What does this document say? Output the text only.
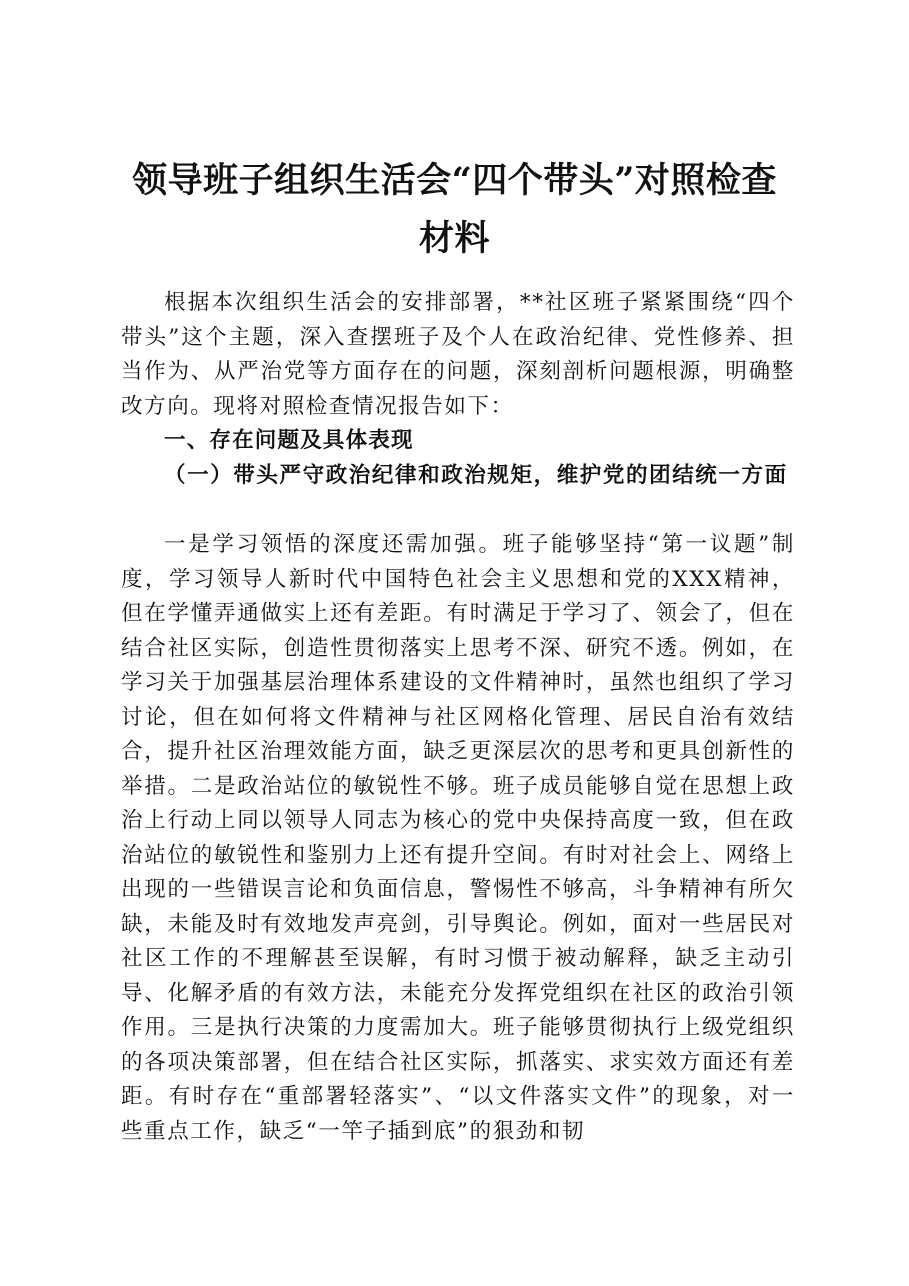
领导班子组织生活会“四个带头”对照检查材料

根据本次组织生活会的安排部署，**社区班子紧紧围绕“四个带头”这个主题，深入查摆班子及个人在政治纪律、党性修养、担当作为、从严治党等方面存在的问题，深刻剖析问题根源，明确整改方向。现将对照检查情况报告如下：

一、存在问题及具体表现

（一）带头严守政治纪律和政治规矩，维护党的团结统一方面

一是学习领悟的深度还需加强。班子能够坚持“第一议题”制度，学习领导人新时代中国特色社会主义思想和党的XXX精神，但在学懂弄通做实上还有差距。有时满足于学习了、领会了，但在结合社区实际，创造性贯彻落实上思考不深、研究不透。例如，在学习关于加强基层治理体系建设的文件精神时，虽然也组织了学习讨论，但在如何将文件精神与社区网格化管理、居民自治有效结合，提升社区治理效能方面，缺乏更深层次的思考和更具创新性的举措。二是政治站位的敏锐性不够。班子成员能够自觉在思想上政治上行动上同以领导人同志为核心的党中央保持高度一致，但在政治站位的敏锐性和鉴别力上还有提升空间。有时对社会上、网络上出现的一些错误言论和负面信息，警惕性不够高，斗争精神有所欠缺，未能及时有效地发声亮剑，引导舆论。例如，面对一些居民对社区工作的不理解甚至误解，有时习惯于被动解释，缺乏主动引导、化解矛盾的有效方法，未能充分发挥党组织在社区的政治引领作用。三是执行决策的力度需加大。班子能够贯彻执行上级党组织的各项决策部署，但在结合社区实际，抓落实、求实效方面还有差距。有时存在“重部署轻落实”、“以文件落实文件”的现象，对一些重点工作，缺乏“一竿子插到底”的狠劲和韧
